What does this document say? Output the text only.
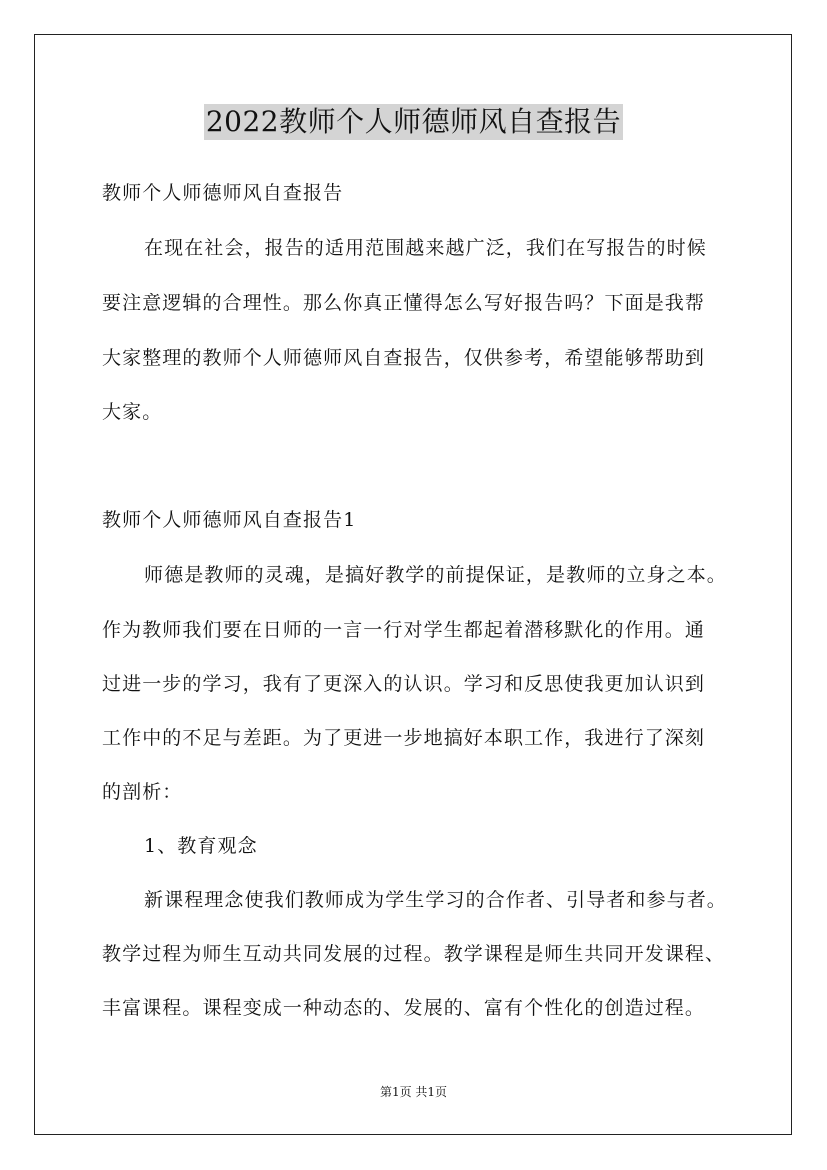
2022教师个人师德师风自查报告
教师个人师德师风自查报告
在现在社会，报告的适用范围越来越广泛，我们在写报告的时候
要注意逻辑的合理性。那么你真正懂得怎么写好报告吗？下面是我帮
大家整理的教师个人师德师风自查报告，仅供参考，希望能够帮助到
大家。
教师个人师德师风自查报告1
师德是教师的灵魂，是搞好教学的前提保证，是教师的立身之本。
作为教师我们要在日师的一言一行对学生都起着潜移默化的作用。通
过进一步的学习，我有了更深入的认识。学习和反思使我更加认识到
工作中的不足与差距。为了更进一步地搞好本职工作，我进行了深刻
的剖析：
1、教育观念
新课程理念使我们教师成为学生学习的合作者、引导者和参与者。
教学过程为师生互动共同发展的过程。教学课程是师生共同开发课程、
丰富课程。课程变成一种动态的、发展的、富有个性化的创造过程。
第1页 共1页
